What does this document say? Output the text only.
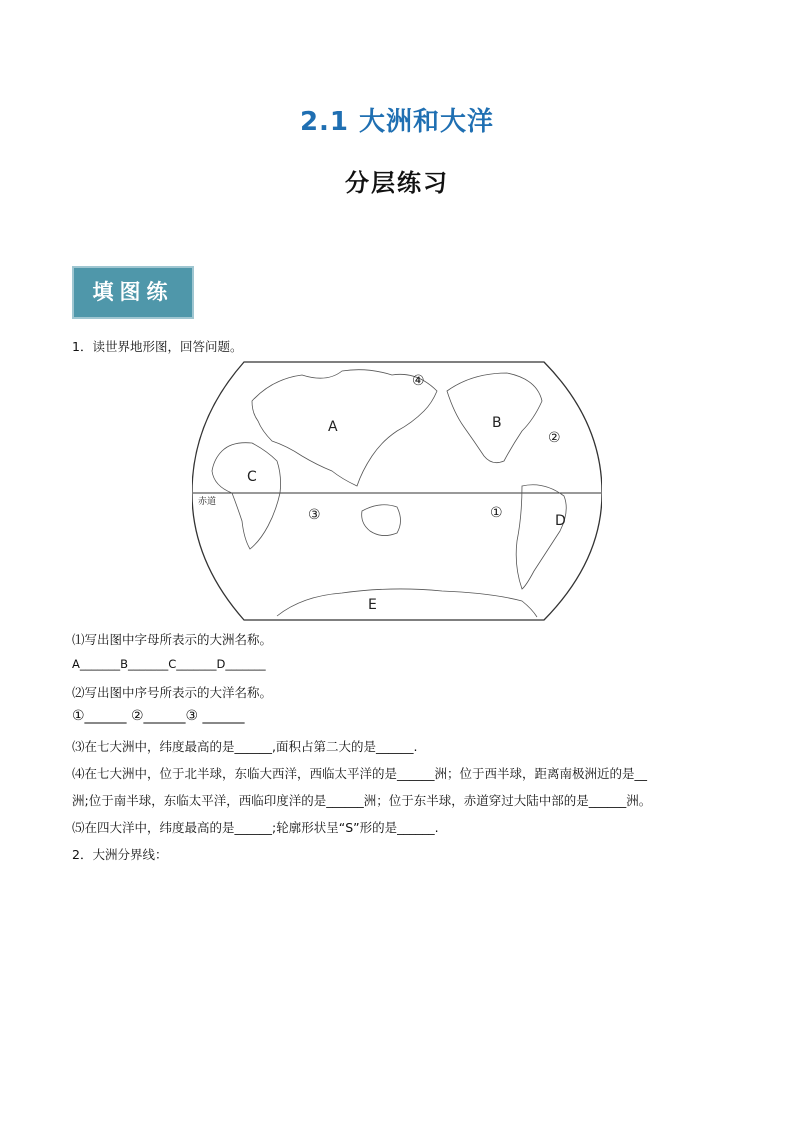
2.1 大洲和大洋
分层练习
填图练
1．读世界地形图，回答问题。
A	B
C
D
E
①
②
③
④
赤道
⑴写出图中字母所表示的大洲名称。
A_______B_______C_______D_______
⑵写出图中序号所表示的大洋名称。
①______ ②______③ ______
⑶在七大洲中，纬度最高的是______,面积占第二大的是______.
⑷在七大洲中，位于北半球，东临大西洋，西临太平洋的是______洲；位于西半球，距离南极洲近的是__
洲;位于南半球，东临太平洋，西临印度洋的是______洲；位于东半球，赤道穿过大陆中部的是______洲。
⑸在四大洋中，纬度最高的是______;轮廓形状呈“S”形的是______.
2．大洲分界线：
